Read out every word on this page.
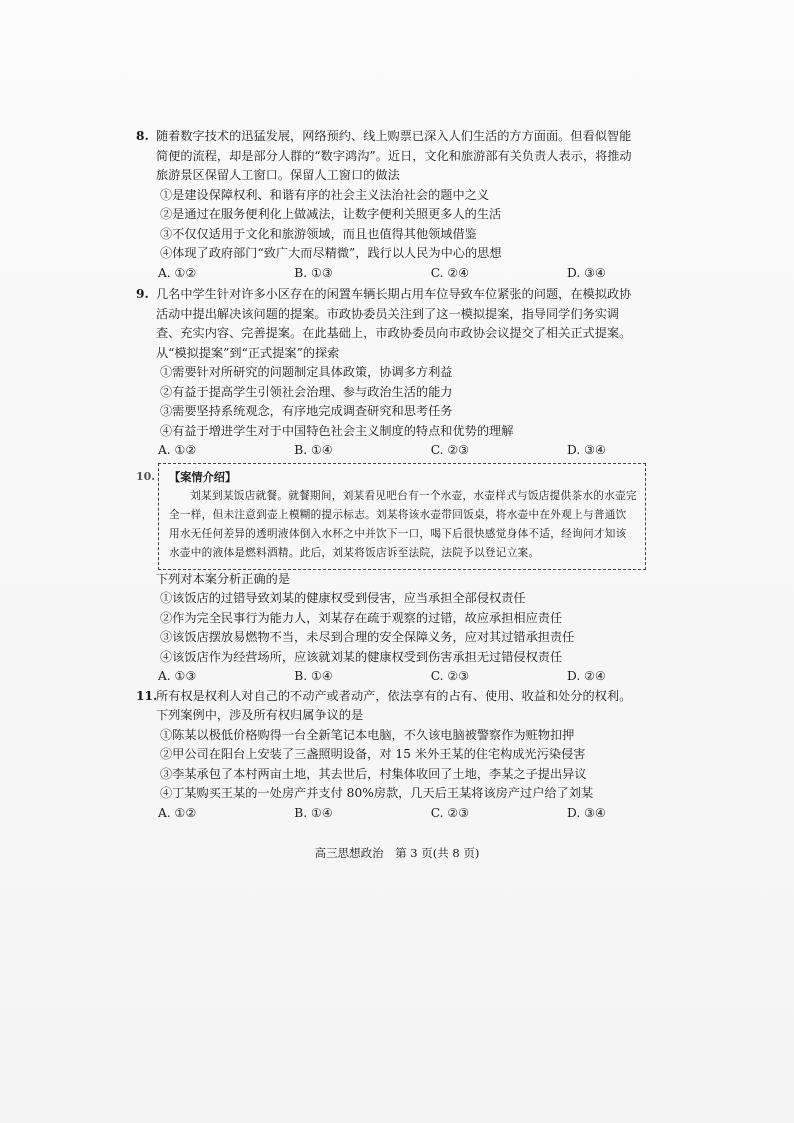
8. 随着数字技术的迅猛发展，网络预约、线上购票已深入人们生活的方方面面。但看似智能简便的流程，却是部分人群的“数字鸿沟”。近日，文化和旅游部有关负责人表示，将推动旅游景区保留人工窗口。保留人工窗口的做法

①是建设保障权利、和谐有序的社会主义法治社会的题中之义

②是通过在服务便利化上做减法，让数字便利关照更多人的生活

③不仅仅适用于文化和旅游领域，而且也值得其他领域借鉴

④体现了政府部门“致广大而尽精微”，践行以人民为中心的思想

A. ①②	B. ①③	C. ②④	D. ③④
9. 几名中学生针对许多小区存在的闲置车辆长期占用车位导致车位紧张的问题，在模拟政协活动中提出解决该问题的提案。市政协委员关注到了这一模拟提案，指导同学们务实调查、充实内容、完善提案。在此基础上，市政协委员向市政协会议提交了相关正式提案。从“模拟提案”到“正式提案”的探索

①需要针对所研究的问题制定具体政策，协调多方利益

②有益于提高学生引领社会治理、参与政治生活的能力

③需要坚持系统观念，有序地完成调查研究和思考任务

④有益于增进学生对于中国特色社会主义制度的特点和优势的理解

A. ①②	B. ①④	C. ②③	D. ③④
10. 【案情介绍】

刘某到某饭店就餐。就餐期间，刘某看见吧台有一个水壶，水壶样式与饭店提供茶水的水壶完全一样，但未注意到壶上模糊的提示标志。刘某将该水壶带回饭桌，将水壶中在外观上与普通饮用水无任何差异的透明液体倒入水杯之中并饮下一口，喝下后很快感觉身体不适，经询问才知该水壶中的液体是燃料酒精。此后，刘某将饭店诉至法院，法院予以登记立案。

下列对本案分析正确的是

①该饭店的过错导致刘某的健康权受到侵害，应当承担全部侵权责任

②作为完全民事行为能力人，刘某存在疏于观察的过错，故应承担相应责任

③该饭店摆放易燃物不当，未尽到合理的安全保障义务，应对其过错承担责任

④该饭店作为经营场所，应该就刘某的健康权受到伤害承担无过错侵权责任

A. ①③	B. ①④	C. ②③	D. ②④
11.

所有权是权利人对自己的不动产或者动产，依法享有的占有、使用、收益和处分的权利。下列案例中，涉及所有权归属争议的是

①陈某以极低价格购得一台全新笔记本电脑，不久该电脑被警察作为赃物扣押

②甲公司在阳台上安装了三盏照明设备，对 15 米外王某的住宅构成光污染侵害

③李某承包了本村两亩土地，其去世后，村集体收回了土地，李某之子提出异议

④丁某购买王某的一处房产并支付 80%房款，几天后王某将该房产过户给了刘某

A. ①②	B. ①④	C. ②③	D. ③④
高三思想政治　第 3 页(共 8 页)
